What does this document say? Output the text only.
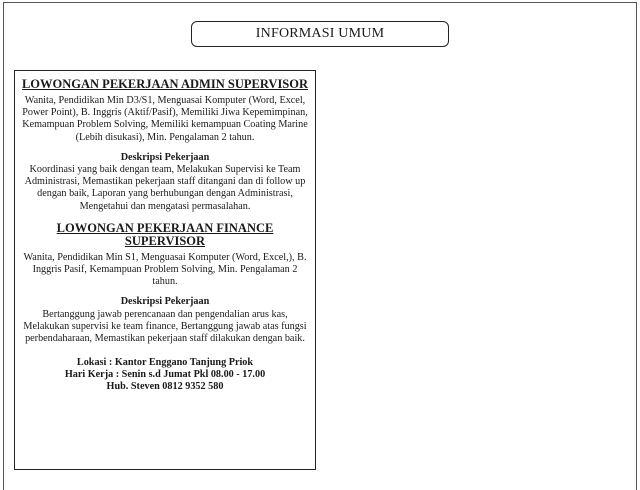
INFORMASI UMUM
LOWONGAN PEKERJAAN ADMIN SUPERVISOR
Wanita, Pendidikan Min D3/S1, Menguasai Komputer (Word, Excel, Power Point), B. Inggris (Aktif/Pasif), Memiliki Jiwa Kepemimpinan, Kemampuan Problem Solving, Memiliki kemampuan Coating Marine (Lebih disukasi), Min. Pengalaman 2 tahun.
Deskripsi Pekerjaan
Koordinasi yang baik dengan team, Melakukan Supervisi ke Team Administrasi, Memastikan pekerjaan staff ditangani dan di follow up dengan baik, Laporan yang berhubungan dengan Administrasi, Mengetahui dan mengatasi permasalahan.
LOWONGAN PEKERJAAN FINANCE SUPERVISOR
Wanita, Pendidikan Min S1, Menguasai Komputer (Word, Excel,), B. Inggris Pasif, Kemampuan Problem Solving, Min. Pengalaman 2 tahun.
Deskripsi Pekerjaan
Bertanggung jawab perencanaan dan pengendalian arus kas, Melakukan supervisi ke team finance, Bertanggung jawab atas fungsi perbendaharaan, Memastikan pekerjaan staff dilakukan dengan baik.
Lokasi : Kantor Enggano Tanjung Priok
Hari Kerja : Senin s.d Jumat Pkl 08.00 - 17.00
Hub. Steven 0812 9352 580
